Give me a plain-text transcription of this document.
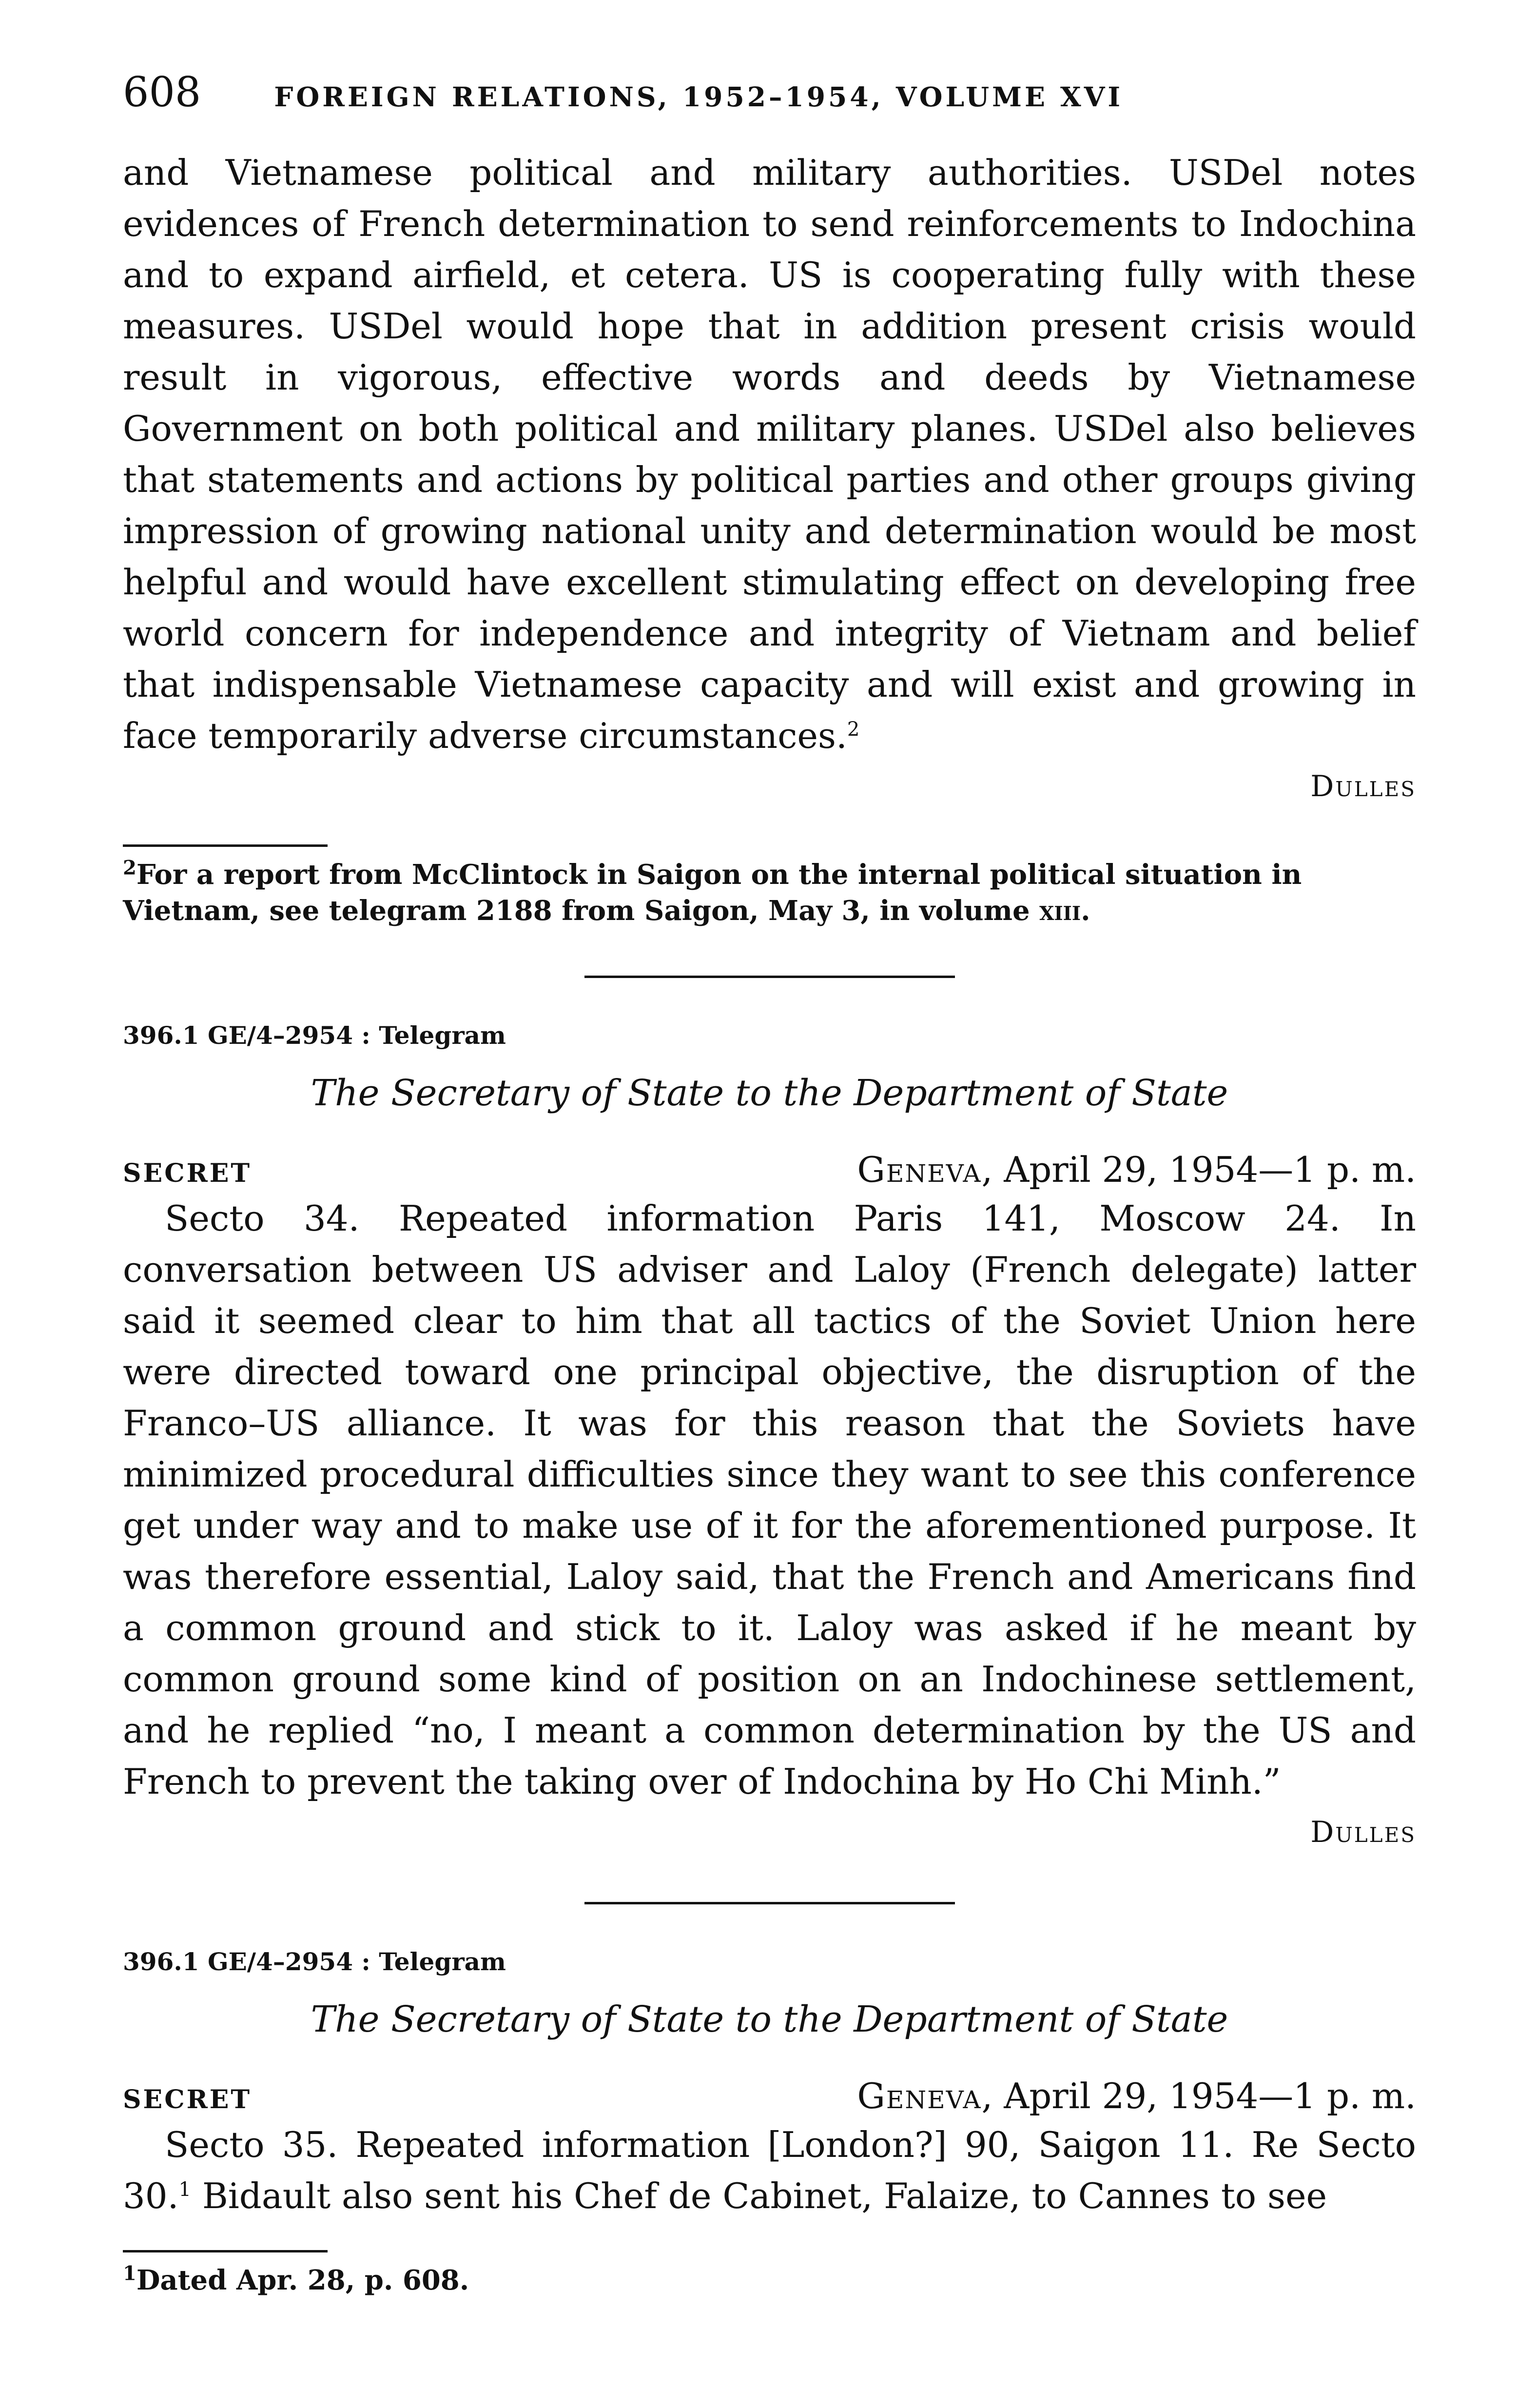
608	FOREIGN RELATIONS, 1952–1954, VOLUME XVI

and Vietnamese political and military authorities. USDel notes evidences of French determination to send reinforcements to Indochina and to expand airfield, et cetera. US is cooperating fully with these measures. USDel would hope that in addition present crisis would result in vigorous, effective words and deeds by Vietnamese Government on both political and military planes. USDel also believes that statements and actions by political parties and other groups giving impression of growing national unity and determination would be most helpful and would have excellent stimulating effect on developing free world concern for independence and integrity of Vietnam and belief that indispensable Vietnamese capacity and will exist and growing in face temporarily adverse circumstances.$^2$

Dulles

$^2$For a report from McClintock in Saigon on the internal political situation in Vietnam, see telegram 2188 from Saigon, May 3, in volume xiii.

396.1 GE/4–2954 : Telegram

The Secretary of State to the Department of State

SECRET	Geneva, April 29, 1954—1 p. m.

Secto 34. Repeated information Paris 141, Moscow 24. In conversation between US adviser and Laloy (French delegate) latter said it seemed clear to him that all tactics of the Soviet Union here were directed toward one principal objective, the disruption of the Franco–US alliance. It was for this reason that the Soviets have minimized procedural difficulties since they want to see this conference get under way and to make use of it for the aforementioned purpose. It was therefore essential, Laloy said, that the French and Americans find a common ground and stick to it. Laloy was asked if he meant by common ground some kind of position on an Indochinese settlement, and he replied “no, I meant a common determination by the US and French to prevent the taking over of Indochina by Ho Chi Minh.”

Dulles

396.1 GE/4–2954 : Telegram

The Secretary of State to the Department of State

SECRET	Geneva, April 29, 1954—1 p. m.

Secto 35. Repeated information [London?] 90, Saigon 11. Re Secto 30.$^1$ Bidault also sent his Chef de Cabinet, Falaize, to Cannes to see

$^1$Dated Apr. 28, p. 608.
